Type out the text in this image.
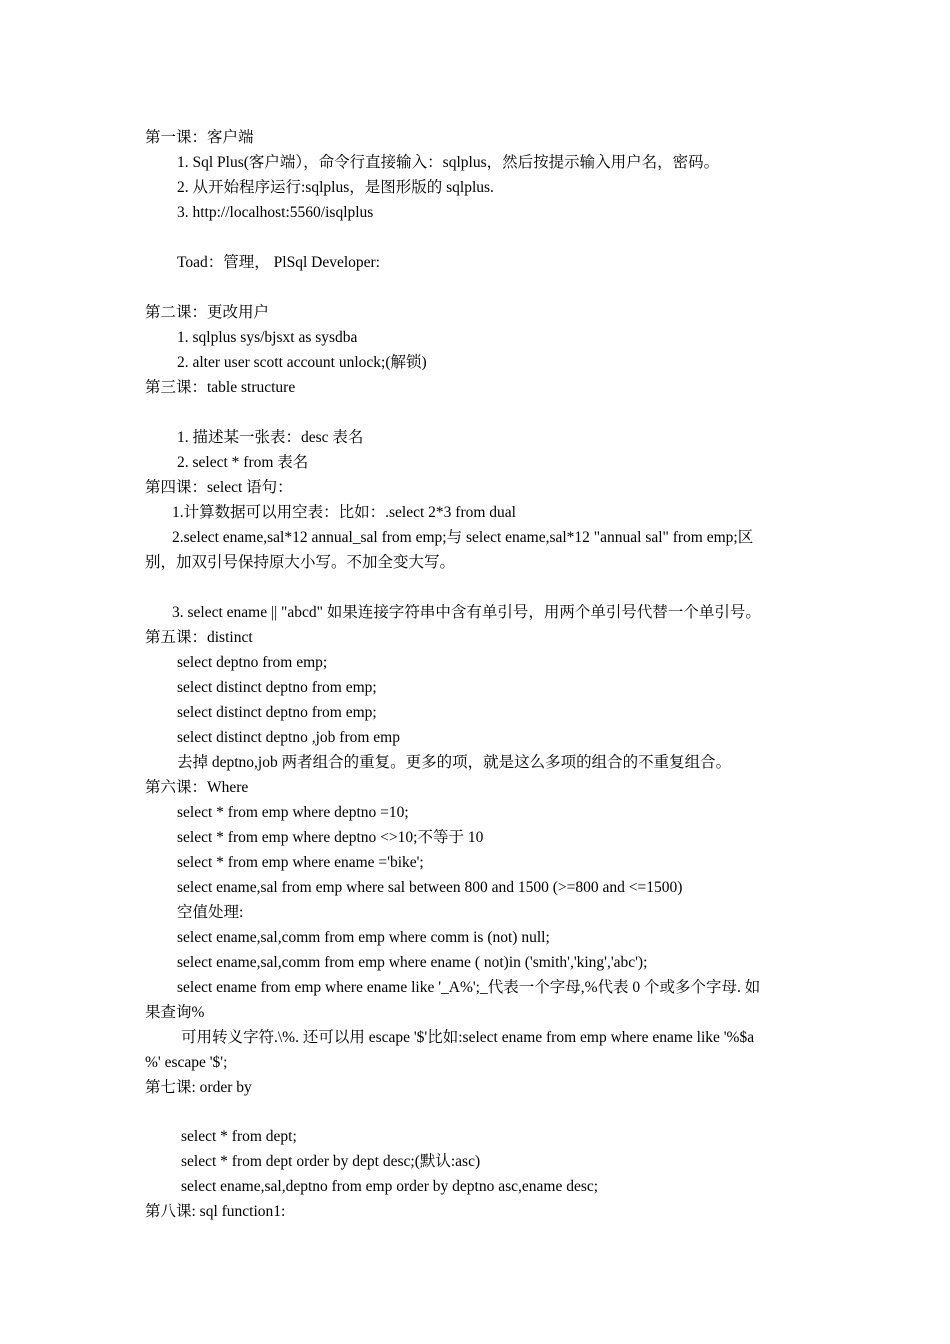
第一课：客户端
1. Sql Plus(客户端），命令行直接输入：sqlplus，然后按提示输入用户名，密码。
2. 从开始程序运行:sqlplus，是图形版的 sqlplus.
3. http://localhost:5560/isqlplus
Toad：管理， PlSql Developer:
第二课：更改用户
1. sqlplus sys/bjsxt as sysdba
2. alter user scott account unlock;(解锁)
第三课：table structure
1. 描述某一张表：desc 表名
2. select * from 表名
第四课：select 语句：
1.计算数据可以用空表：比如：.select 2*3 from dual
2.select ename,sal*12 annual_sal from emp;与 select ename,sal*12 "annual sal" from emp;区
别，加双引号保持原大小写。不加全变大写。
3. select ename || "abcd" 如果连接字符串中含有单引号，用两个单引号代替一个单引号。
第五课：distinct
select deptno from emp;
select distinct deptno from emp;
select distinct deptno from emp;
select distinct deptno ,job from emp
去掉 deptno,job 两者组合的重复。更多的项，就是这么多项的组合的不重复组合。
第六课：Where
select * from emp where deptno =10;
select * from emp where deptno <>10;不等于 10
select * from emp where ename ='bike';
select ename,sal from emp where sal between 800 and 1500 (>=800 and <=1500)
空值处理:
select ename,sal,comm from emp where comm is (not) null;
select ename,sal,comm from emp where ename ( not)in ('smith','king','abc');
select ename from emp where ename like '_A%';_代表一个字母,%代表 0 个或多个字母. 如
果查询%
可用转义字符.\%. 还可以用 escape '$'比如:select ename from emp where ename like '%$a
%' escape '$';
第七课: order by
select * from dept;
select * from dept order by dept desc;(默认:asc)
select ename,sal,deptno from emp order by deptno asc,ename desc;
第八课: sql function1:
